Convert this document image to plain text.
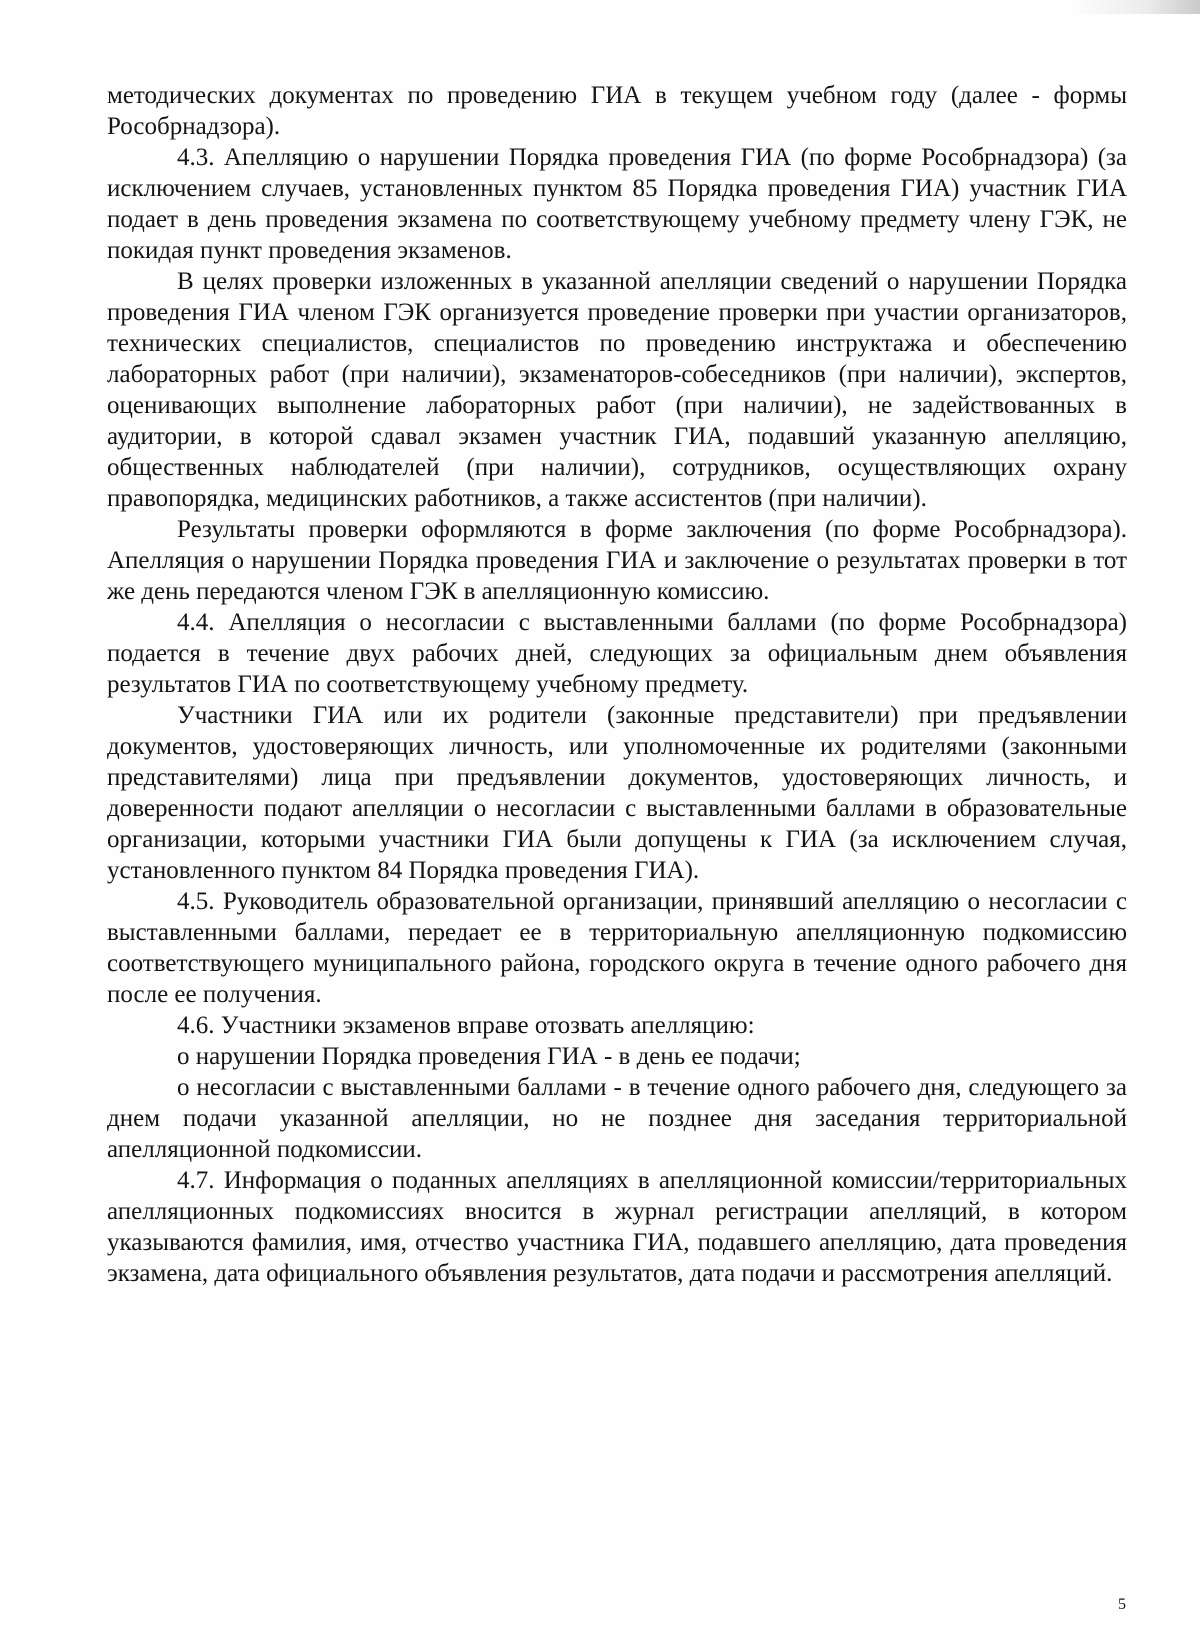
методических документах по проведению ГИА в текущем учебном году (далее - формы Рособрнадзора).

4.3. Апелляцию о нарушении Порядка проведения ГИА (по форме Рособрнадзора) (за исключением случаев, установленных пунктом 85 Порядка проведения ГИА) участник ГИА подает в день проведения экзамена по соответствующему учебному предмету члену ГЭК, не покидая пункт проведения экзаменов.

В целях проверки изложенных в указанной апелляции сведений о нарушении Порядка проведения ГИА членом ГЭК организуется проведение проверки при участии организаторов, технических специалистов, специалистов по проведению инструктажа и обеспечению лабораторных работ (при наличии), экзаменаторов-собеседников (при наличии), экспертов, оценивающих выполнение лабораторных работ (при наличии), не задействованных в аудитории, в которой сдавал экзамен участник ГИА, подавший указанную апелляцию, общественных наблюдателей (при наличии), сотрудников, осуществляющих охрану правопорядка, медицинских работников, а также ассистентов (при наличии).

Результаты проверки оформляются в форме заключения (по форме Рособрнадзора). Апелляция о нарушении Порядка проведения ГИА и заключение о результатах проверки в тот же день передаются членом ГЭК в апелляционную комиссию.

4.4. Апелляция о несогласии с выставленными баллами (по форме Рособрнадзора) подается в течение двух рабочих дней, следующих за официальным днем объявления результатов ГИА по соответствующему учебному предмету.

Участники ГИА или их родители (законные представители) при предъявлении документов, удостоверяющих личность, или уполномоченные их родителями (законными представителями) лица при предъявлении документов, удостоверяющих личность, и доверенности подают апелляции о несогласии с выставленными баллами в образовательные организации, которыми участники ГИА были допущены к ГИА (за исключением случая, установленного пунктом 84 Порядка проведения ГИА).

4.5. Руководитель образовательной организации, принявший апелляцию о несогласии с выставленными баллами, передает ее в территориальную апелляционную подкомиссию соответствующего муниципального района, городского округа в течение одного рабочего дня после ее получения.

4.6. Участники экзаменов вправе отозвать апелляцию:

о нарушении Порядка проведения ГИА - в день ее подачи;

о несогласии с выставленными баллами - в течение одного рабочего дня, следующего за днем подачи указанной апелляции, но не позднее дня заседания территориальной апелляционной подкомиссии.

4.7. Информация о поданных апелляциях в апелляционной комиссии/территориальных апелляционных подкомиссиях вносится в журнал регистрации апелляций, в котором указываются фамилия, имя, отчество участника ГИА, подавшего апелляцию, дата проведения экзамена, дата официального объявления результатов, дата подачи и рассмотрения апелляций.

5
